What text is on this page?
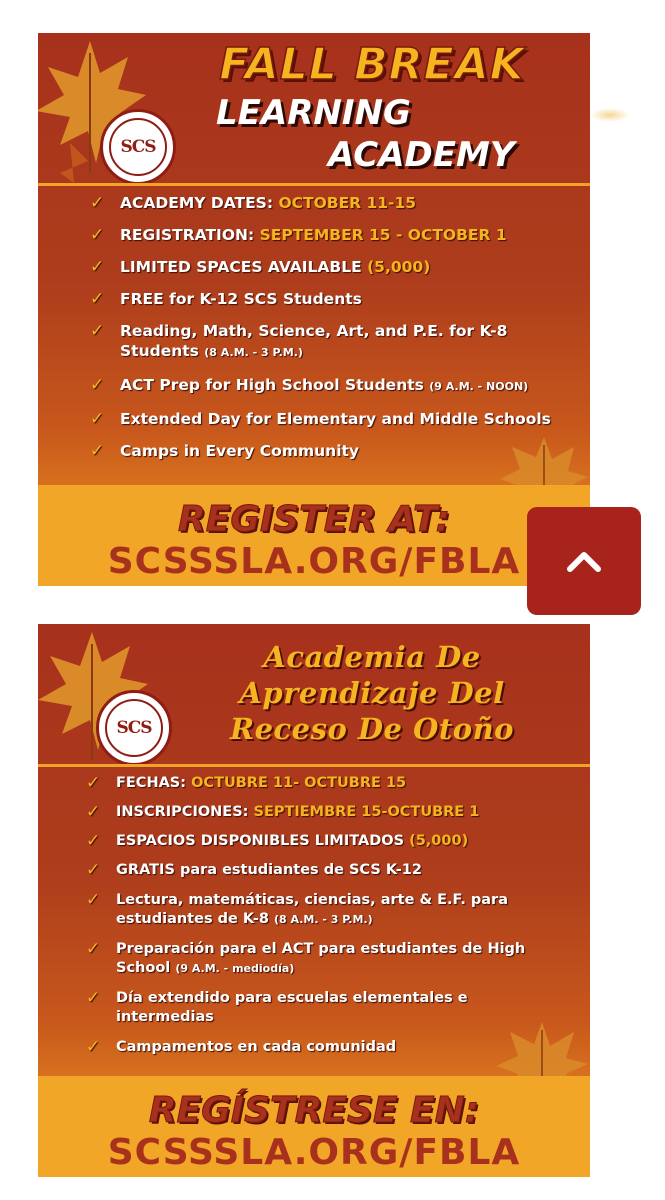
SCS
FALL BREAK
LEARNING
ACADEMY
✓ ACADEMY DATES: OCTOBER 11-15
✓ REGISTRATION: SEPTEMBER 15 - OCTOBER 1
✓ LIMITED SPACES AVAILABLE (5,000)
✓ FREE for K-12 SCS Students
✓ Reading, Math, Science, Art, and P.E. for K-8 Students (8 A.M. - 3 P.M.)
✓ ACT Prep for High School Students (9 A.M. - NOON)
✓ Extended Day for Elementary and Middle Schools
✓ Camps in Every Community
REGISTER AT:
SCSSSLA.ORG/FBLA
SCS
Academia De
Aprendizaje Del
Receso De Otoño
✓ FECHAS: OCTUBRE 11- OCTUBRE 15
✓ INSCRIPCIONES: SEPTIEMBRE 15-OCTUBRE 1
✓ ESPACIOS DISPONIBLES LIMITADOS (5,000)
✓ GRATIS para estudiantes de SCS K-12
✓ Lectura, matemáticas, ciencias, arte & E.F. para estudiantes de K-8 (8 A.M. - 3 P.M.)
✓ Preparación para el ACT para estudiantes de High School (9 A.M. - mediodía)
✓ Día extendido para escuelas elementales e intermedias
✓ Campamentos en cada comunidad
REGÍSTRESE EN:
SCSSSLA.ORG/FBLA
